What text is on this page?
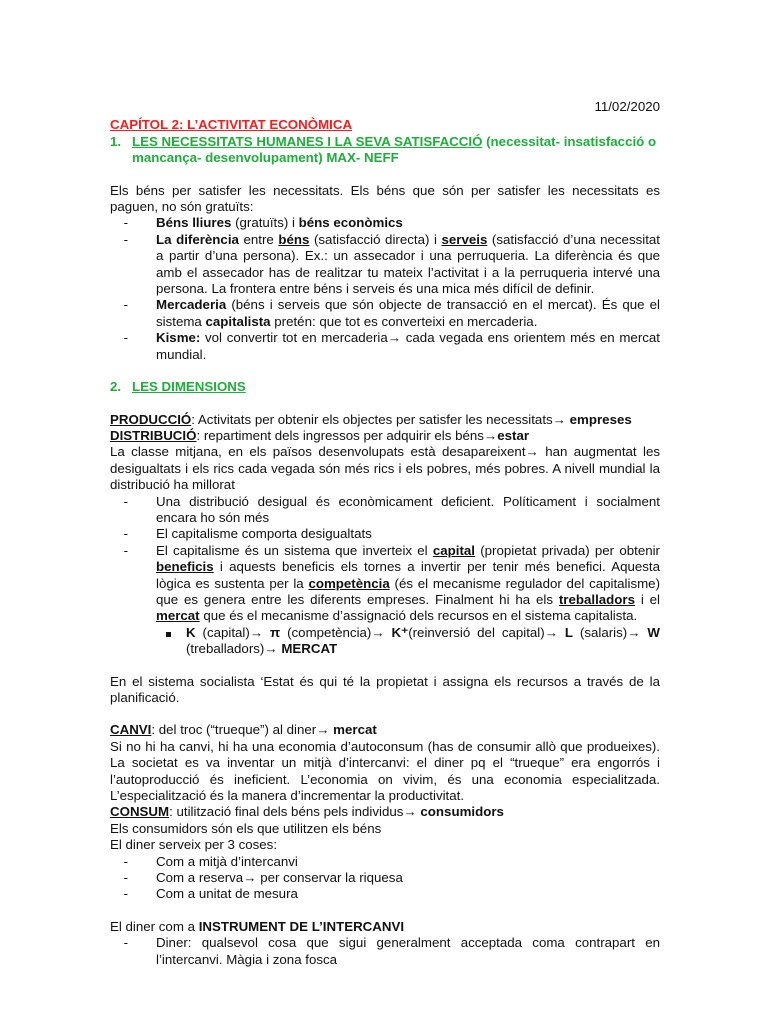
11/02/2020
CAPÍTOL 2: L’ACTIVITAT ECONÒMICA
1. LES NECESSITATS HUMANES I LA SEVA SATISFACCIÓ (necessitat- insatisfacció o mancança- desenvolupament) MAX- NEFF
Els béns per satisfer les necessitats. Els béns que són per satisfer les necessitats es paguen, no són gratuïts:
-	Béns lliures (gratuïts) i béns econòmics
-	La diferència entre béns (satisfacció directa) i serveis (satisfacció d’una necessitat a partir d’una persona). Ex.: un assecador i una perruqueria. La diferència és que amb el assecador has de realitzar tu mateix l’activitat i a la perruqueria intervé una persona. La frontera entre béns i serveis és una mica més difícil de definir.
-	Mercaderia (béns i serveis que són objecte de transacció en el mercat). És que el sistema capitalista pretén: que tot es converteixi en mercaderia.
-	Kisme: vol convertir tot en mercaderia→ cada vegada ens orientem més en mercat mundial.
2. LES DIMENSIONS
PRODUCCIÓ: Activitats per obtenir els objectes per satisfer les necessitats→ empreses
DISTRIBUCIÓ: repartiment dels ingressos per adquirir els béns→estar
La classe mitjana, en els països desenvolupats està desapareixent→ han augmentat les desigualtats i els rics cada vegada són més rics i els pobres, més pobres. A nivell mundial la distribució ha millorat
-	Una distribució desigual és econòmicament deficient. Políticament i socialment encara ho són més
-	El capitalisme comporta desigualtats
-	El capitalisme és un sistema que inverteix el capital (propietat privada) per obtenir beneficis i aquests beneficis els tornes a invertir per tenir més benefici. Aquesta lògica es sustenta per la competència (és el mecanisme regulador del capitalisme) que es genera entre les diferents empreses. Finalment hi ha els treballadors i el mercat que és el mecanisme d’assignació dels recursos en el sistema capitalista.
K (capital)→ π (competència)→ K⁺(reinversió del capital)→ L (salaris)→ W (treballadors)→ MERCAT
En el sistema socialista ‘Estat és qui té la propietat i assigna els recursos a través de la planificació.
CANVI: del troc (“trueque”) al diner→ mercat
Si no hi ha canvi, hi ha una economia d’autoconsum (has de consumir allò que produeixes). La societat es va inventar un mitjà d’intercanvi: el diner pq el “trueque” era engorrós i l’autoproducció és ineficient. L’economia on vivim, és una economia especialitzada. L’especialització és la manera d’incrementar la productivitat.
CONSUM: utilització final dels béns pels individus→ consumidors
Els consumidors són els que utilitzen els béns
El diner serveix per 3 coses:
-	Com a mitjà d’intercanvi
-	Com a reserva→ per conservar la riquesa
-	Com a unitat de mesura
El diner com a INSTRUMENT DE L’INTERCANVI
-	Diner: qualsevol cosa que sigui generalment acceptada coma contrapart en l’intercanvi. Màgia i zona fosca
